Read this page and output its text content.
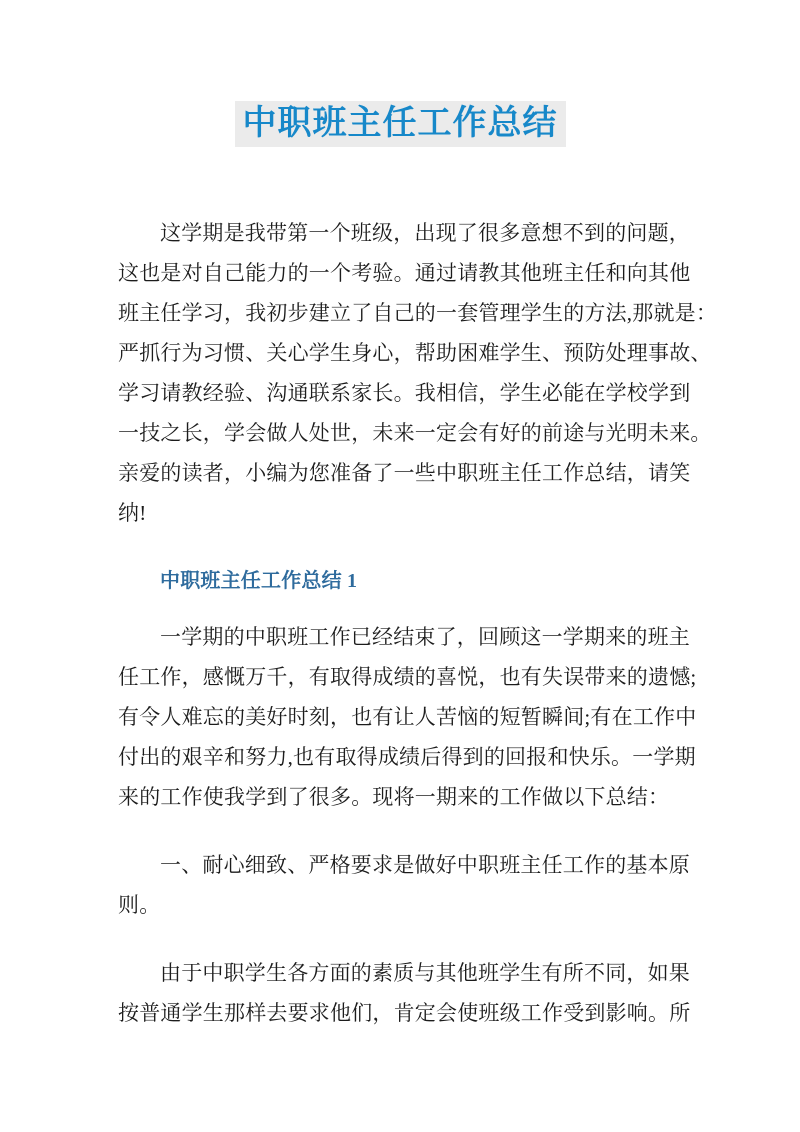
中职班主任工作总结
这学期是我带第一个班级，出现了很多意想不到的问题，
这也是对自己能力的一个考验。通过请教其他班主任和向其他
班主任学习，我初步建立了自己的一套管理学生的方法,那就是：
严抓行为习惯、关心学生身心，帮助困难学生、预防处理事故、
学习请教经验、沟通联系家长。我相信，学生必能在学校学到
一技之长，学会做人处世，未来一定会有好的前途与光明未来。
亲爱的读者，小编为您准备了一些中职班主任工作总结，请笑
纳!
中职班主任工作总结 1
一学期的中职班工作已经结束了，回顾这一学期来的班主
任工作，感慨万千，有取得成绩的喜悦，也有失误带来的遗憾;
有令人难忘的美好时刻，也有让人苦恼的短暂瞬间;有在工作中
付出的艰辛和努力,也有取得成绩后得到的回报和快乐。一学期
来的工作使我学到了很多。现将一期来的工作做以下总结：
一、耐心细致、严格要求是做好中职班主任工作的基本原
则。
由于中职学生各方面的素质与其他班学生有所不同，如果
按普通学生那样去要求他们，肯定会使班级工作受到影响。所
